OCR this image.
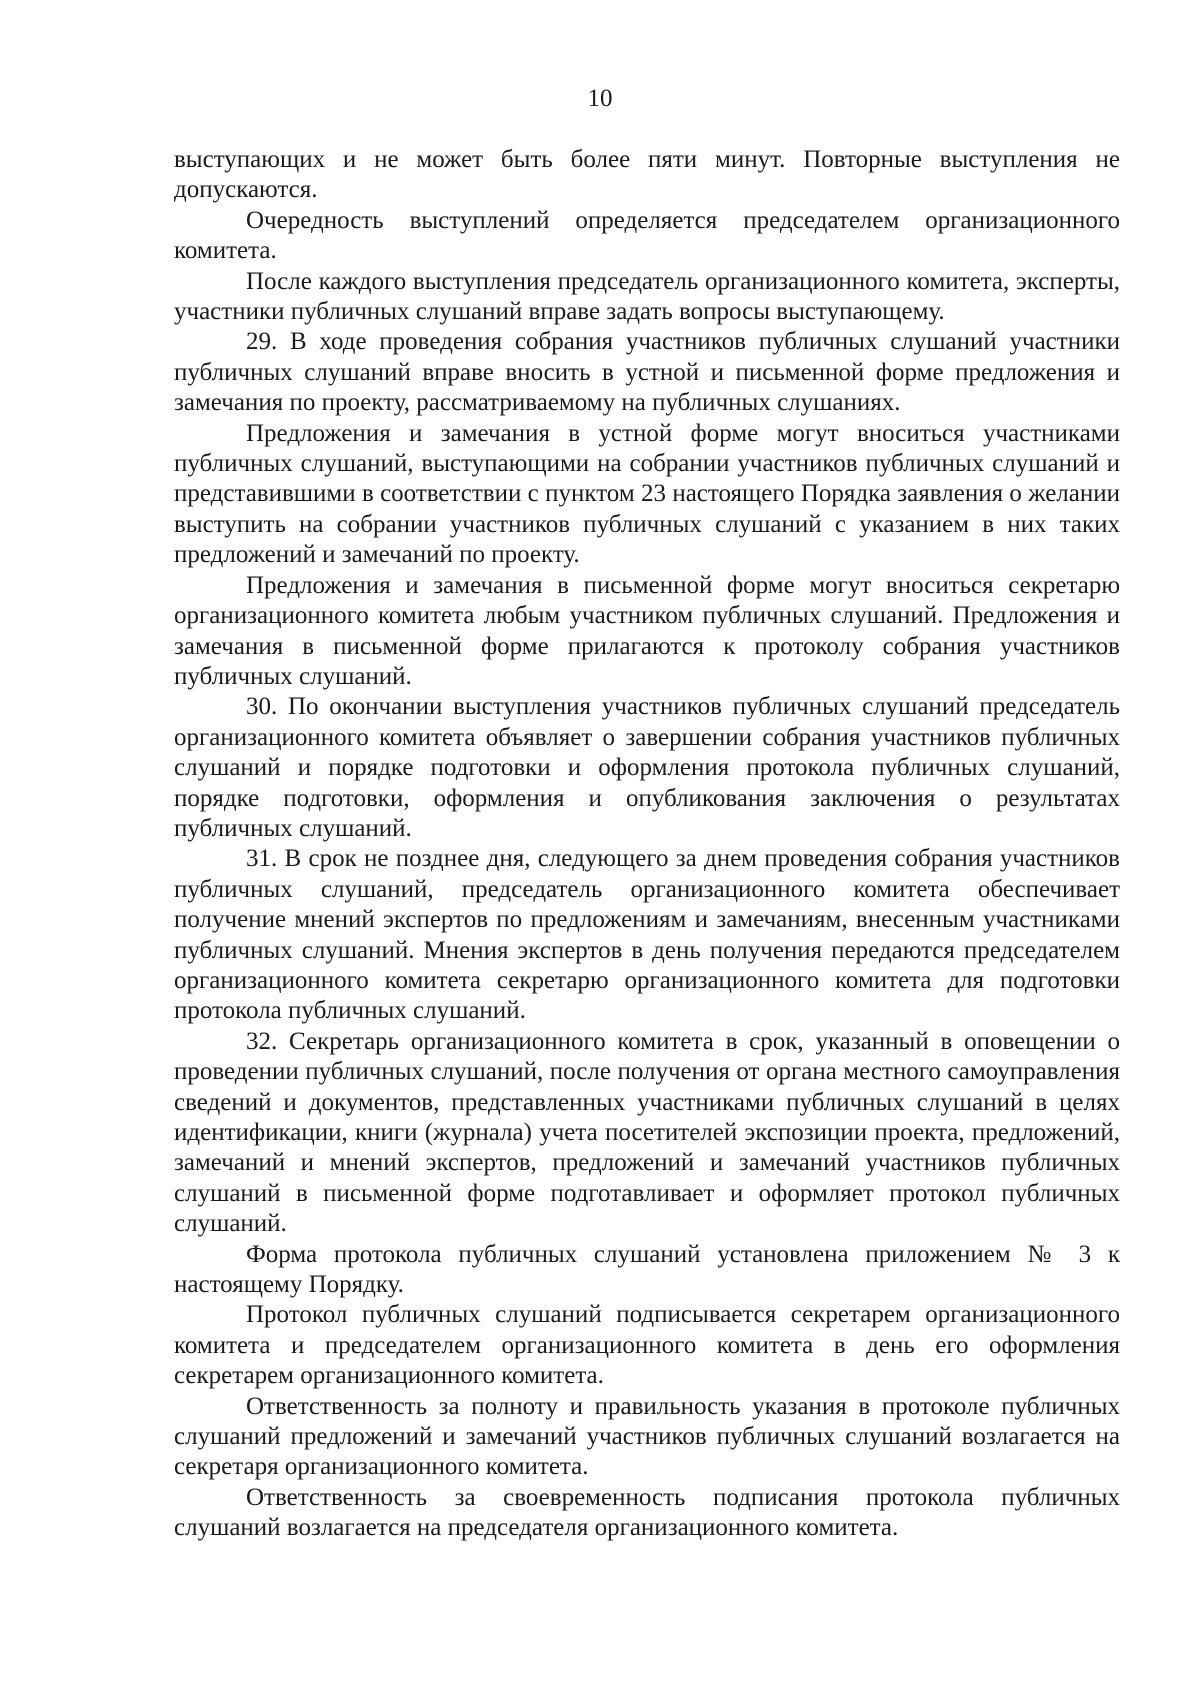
10

выступающих и не может быть более пяти минут. Повторные выступления не допускаются.

Очередность выступлений определяется председателем организационного комитета.

После каждого выступления председатель организационного комитета, эксперты, участники публичных слушаний вправе задать вопросы выступающему.

29. В ходе проведения собрания участников публичных слушаний участники публичных слушаний вправе вносить в устной и письменной форме предложения и замечания по проекту, рассматриваемому на публичных слушаниях.

Предложения и замечания в устной форме могут вноситься участниками публичных слушаний, выступающими на собрании участников публичных слушаний и представившими в соответствии с пунктом 23 настоящего Порядка заявления о желании выступить на собрании участников публичных слушаний с указанием в них таких предложений и замечаний по проекту.

Предложения и замечания в письменной форме могут вноситься секретарю организационного комитета любым участником публичных слушаний. Предложения и замечания в письменной форме прилагаются к протоколу собрания участников публичных слушаний.

30. По окончании выступления участников публичных слушаний председатель организационного комитета объявляет о завершении собрания участников публичных слушаний и порядке подготовки и оформления протокола публичных слушаний, порядке подготовки, оформления и опубликования заключения о результатах публичных слушаний.

31. В срок не позднее дня, следующего за днем проведения собрания участников публичных слушаний, председатель организационного комитета обеспечивает получение мнений экспертов по предложениям и замечаниям, внесенным участниками публичных слушаний. Мнения экспертов в день получения передаются председателем организационного комитета секретарю организационного комитета для подготовки протокола публичных слушаний.

32. Секретарь организационного комитета в срок, указанный в оповещении о проведении публичных слушаний, после получения от органа местного самоуправления сведений и документов, представленных участниками публичных слушаний в целях идентификации, книги (журнала) учета посетителей экспозиции проекта, предложений, замечаний и мнений экспертов, предложений и замечаний участников публичных слушаний в письменной форме подготавливает и оформляет протокол публичных слушаний.

Форма протокола публичных слушаний установлена приложением № 3 к настоящему Порядку.

Протокол публичных слушаний подписывается секретарем организационного комитета и председателем организационного комитета в день его оформления секретарем организационного комитета.

Ответственность за полноту и правильность указания в протоколе публичных слушаний предложений и замечаний участников публичных слушаний возлагается на секретаря организационного комитета.

Ответственность за своевременность подписания протокола публичных слушаний возлагается на председателя организационного комитета.
